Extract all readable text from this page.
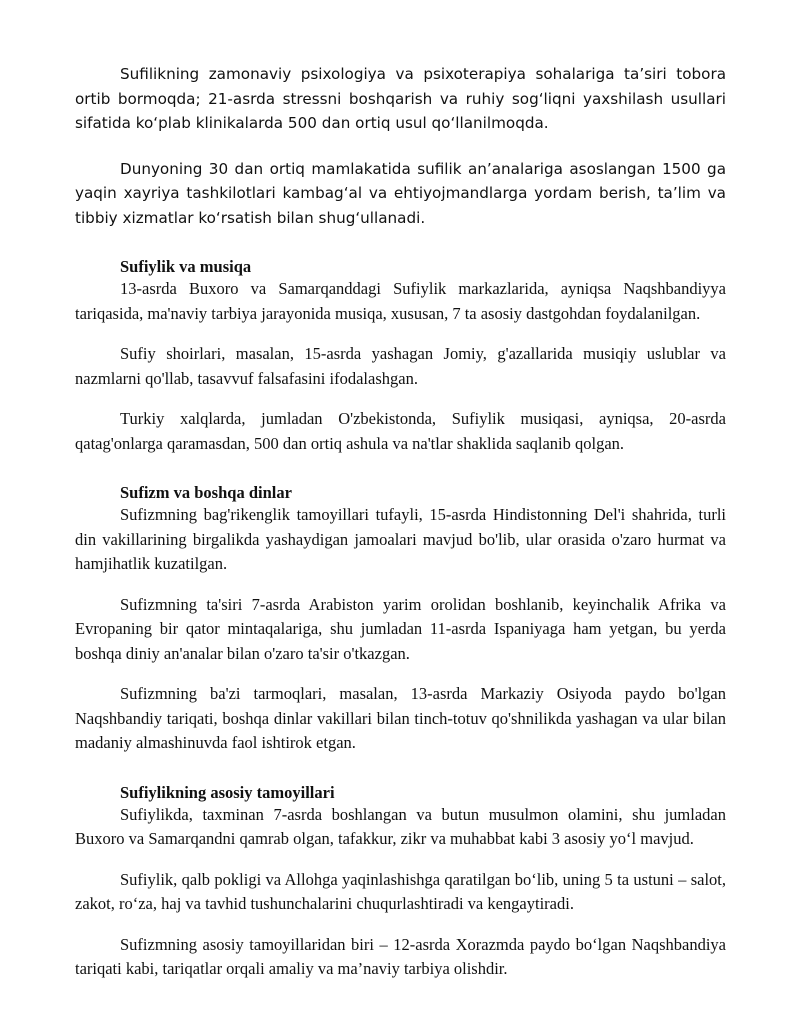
Sufilikning zamonaviy psixologiya va psixoterapiya sohalariga ta’siri tobora ortib bormoqda; 21-asrda stressni boshqarish va ruhiy sog‘liqni yaxshilash usullari sifatida ko‘plab klinikalarda 500 dan ortiq usul qo‘llanilmoqda.

Dunyoning 30 dan ortiq mamlakatida sufilik an’analariga asoslangan 1500 ga yaqin xayriya tashkilotlari kambag‘al va ehtiyojmandlarga yordam berish, ta’lim va tibbiy xizmatlar ko‘rsatish bilan shug‘ullanadi.

Sufiylik va musiqa

13-asrda Buxoro va Samarqanddagi Sufiylik markazlarida, ayniqsa Naqshbandiyya tariqasida, ma'naviy tarbiya jarayonida musiqa, xususan, 7 ta asosiy dastgohdan foydalanilgan.

Sufiy shoirlari, masalan, 15-asrda yashagan Jomiy, g'azallarida musiqiy uslublar va nazmlarni qo'llab, tasavvuf falsafasini ifodalashgan.

Turkiy xalqlarda, jumladan O'zbekistonda, Sufiylik musiqasi, ayniqsa, 20-asrda qatag'onlarga qaramasdan, 500 dan ortiq ashula va na'tlar shaklida saqlanib qolgan.

Sufizm va boshqa dinlar

Sufizmning bag'rikenglik tamoyillari tufayli, 15-asrda Hindistonning Del'i shahrida, turli din vakillarining birgalikda yashaydigan jamoalari mavjud bo'lib, ular orasida o'zaro hurmat va hamjihatlik kuzatilgan.

Sufizmning ta'siri 7-asrda Arabiston yarim orolidan boshlanib, keyinchalik Afrika va Evropaning bir qator mintaqalariga, shu jumladan 11-asrda Ispaniyaga ham yetgan, bu yerda boshqa diniy an'analar bilan o'zaro ta'sir o'tkazgan.

Sufizmning ba'zi tarmoqlari, masalan, 13-asrda Markaziy Osiyoda paydo bo'lgan Naqshbandiy tariqati, boshqa dinlar vakillari bilan tinch-totuv qo'shnilikda yashagan va ular bilan madaniy almashinuvda faol ishtirok etgan.

Sufiylikning asosiy tamoyillari

Sufiylikda, taxminan 7-asrda boshlangan va butun musulmon olamini, shu jumladan Buxoro va Samarqandni qamrab olgan, tafakkur, zikr va muhabbat kabi 3 asosiy yo‘l mavjud.

Sufiylik, qalb pokligi va Allohga yaqinlashishga qaratilgan bo‘lib, uning 5 ta ustuni – salot, zakot, ro‘za, haj va tavhid tushunchalarini chuqurlashtiradi va kengaytiradi.

Sufizmning asosiy tamoyillaridan biri – 12-asrda Xorazmda paydo bo‘lgan Naqshbandiya tariqati kabi, tariqatlar orqali amaliy va ma’naviy tarbiya olishdir.
